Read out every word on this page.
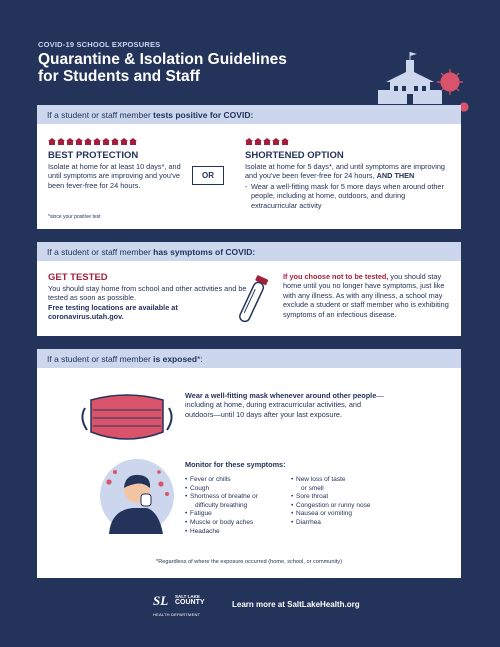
COVID-19 SCHOOL EXPOSURES
Quarantine & Isolation Guidelines
for Students and Staff
If a student or staff member
tests positive for COVID:
BEST PROTECTION
Isolate at home for at least 10 days*, and until symptoms are improving and you've been fever-free for 24 hours.
*since your positive test
OR
SHORTENED OPTION
Isolate at home for 5 days*, and until symptoms are improving and you've been fever-free for 24 hours, AND THEN
- Wear a well-fitting mask for 5 more days when around other people, including at home, outdoors, and during extracurricular activity
If a student or staff member
has symptoms of COVID:
GET TESTED
You should stay home from school and other activities and be tested as soon as possible.
Free testing locations are available at
coronavirus.utah.gov.
If you choose not to be tested, you should stay home until you no longer have symptoms, just like with any illness. As with any illness, a school may exclude a student or staff member who is exhibiting symptoms of an infectious disease.
If a student or staff member
is exposed *:
Wear a well-fitting mask whenever around other people—including at home, during extracurricular activities, and outdoors—until 10 days after your last exposure.
Monitor for these symptoms:
• Fever or chills
• Cough
• Shortness of breathe or
difficulty breathing
• Fatigue
• Muscle or body aches
• Headache
• New loss of taste
or smell
• Sore throat
• Congestion or runny nose
• Nausea or vomiting
• Diarrhea
*Regardless of where the exposure occurred (home, school, or community)
SL SALT LAKE
COUNTY
HEALTH DEPARTMENT
Learn more at SaltLakeHealth.org
